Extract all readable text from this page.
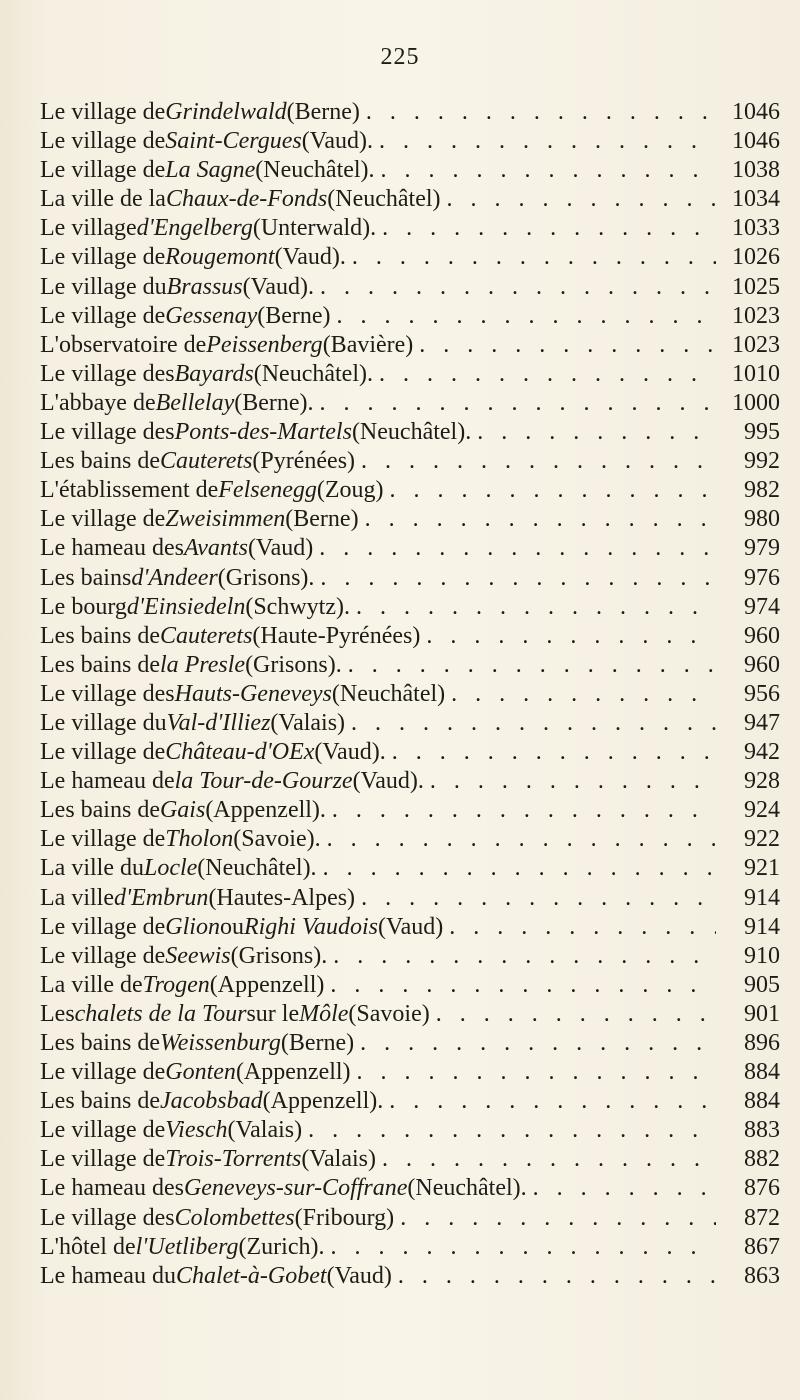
225
Le village de Grindelwald (Berne) . . .	1046
Le village de Saint-Cergues (Vaud). . . .	1046
Le village de La Sagne (Neuchâtel). . . .	1038
La ville de la Chaux-de-Fonds (Neuchâtel) . . .	1034
Le village d'Engelberg (Unterwald). . . .	1033
Le village de Rougemont (Vaud). . . .	1026
Le village du Brassus (Vaud). . . .	1025
Le village de Gessenay (Berne) . . .	1023
L'observatoire de Peissenberg (Bavière) . . .	1023
Le village des Bayards (Neuchâtel). . . .	1010
L'abbaye de Bellelay (Berne). . . .	1000
Le village des Ponts-des-Martels (Neuchâtel). . . .	995
Les bains de Cauterets (Pyrénées) . . .	992
L'établissement de Felsenegg (Zoug) . . .	982
Le village de Zweisimmen (Berne) . . .	980
Le hameau des Avants (Vaud) . . .	979
Les bains d'Andeer (Grisons). . . .	976
Le bourg d'Einsiedeln (Schwytz). . . .	974
Les bains de Cauterets (Haute-Pyrénées) . . .	960
Les bains de la Presle (Grisons). . . .	960
Le village des Hauts-Geneveys (Neuchâtel) . . .	956
Le village du Val-d'Illiez (Valais) . . .	947
Le village de Château-d'OEx (Vaud). . . .	942
Le hameau de la Tour-de-Gourze (Vaud). . . .	928
Les bains de Gais (Appenzell). . . .	924
Le village de Tholon (Savoie). . . .	922
La ville du Locle (Neuchâtel). . . .	921
La ville d'Embrun (Hautes-Alpes) . . .	914
Le village de Glion ou Righi Vaudois (Vaud) . . .	914
Le village de Seewis (Grisons). . . .	910
La ville de Trogen (Appenzell) . . .	905
Les chalets de la Tour sur le Môle (Savoie) . . .	901
Les bains de Weissenburg (Berne) . . .	896
Le village de Gonten (Appenzell) . . .	884
Les bains de Jacobsbad (Appenzell). . . .	884
Le village de Viesch (Valais) . . .	883
Le village de Trois-Torrents (Valais) . . .	882
Le hameau des Geneveys-sur-Coffrane (Neuchâtel). . . .	876
Le village des Colombettes (Fribourg) . . .	872
L'hôtel de l'Uetliberg (Zurich). . . .	867
Le hameau du Chalet-à-Gobet (Vaud) . . .	863
